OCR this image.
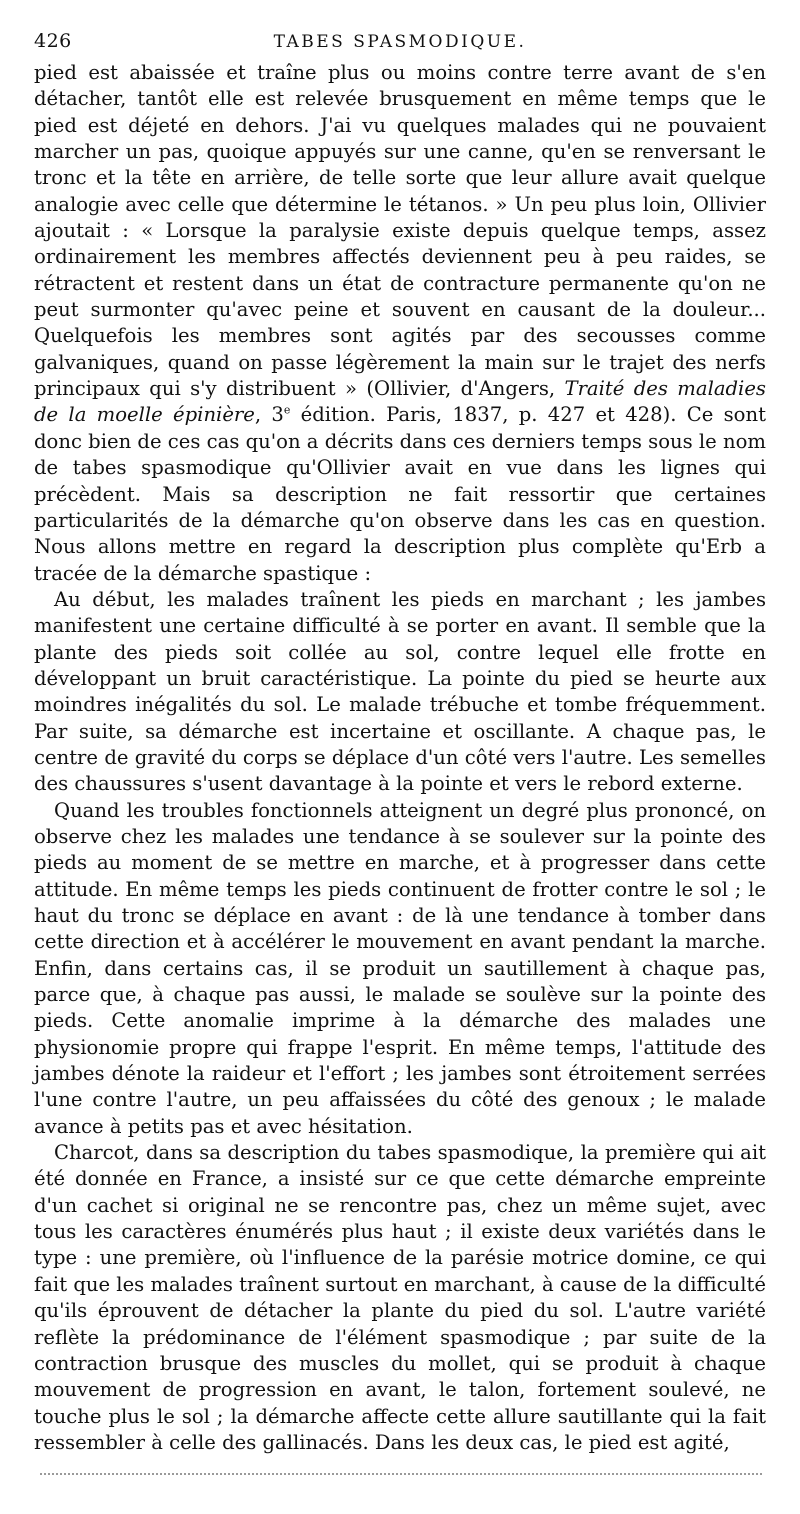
426	TABES SPASMODIQUE.

pied est abaissée et traîne plus ou moins contre terre avant de s'en détacher, tantôt elle est relevée brusquement en même temps que le pied est déjeté en dehors. J'ai vu quelques malades qui ne pouvaient marcher un pas, quoique appuyés sur une canne, qu'en se renversant le tronc et la tête en arrière, de telle sorte que leur allure avait quelque analogie avec celle que détermine le tétanos. » Un peu plus loin, Ollivier ajoutait : « Lorsque la paralysie existe depuis quelque temps, assez ordinairement les membres affectés deviennent peu à peu raides, se rétractent et restent dans un état de contracture permanente qu'on ne peut surmonter qu'avec peine et souvent en causant de la douleur... Quelquefois les membres sont agités par des secousses comme galvaniques, quand on passe légèrement la main sur le trajet des nerfs principaux qui s'y distribuent » (Ollivier, d'Angers, Traité des maladies de la moelle épinière, 3e édition. Paris, 1837, p. 427 et 428). Ce sont donc bien de ces cas qu'on a décrits dans ces derniers temps sous le nom de tabes spasmodique qu'Ollivier avait en vue dans les lignes qui précèdent. Mais sa description ne fait ressortir que certaines particularités de la démarche qu'on observe dans les cas en question. Nous allons mettre en regard la description plus complète qu'Erb a tracée de la démarche spastique :

Au début, les malades traînent les pieds en marchant ; les jambes manifestent une certaine difficulté à se porter en avant. Il semble que la plante des pieds soit collée au sol, contre lequel elle frotte en développant un bruit caractéristique. La pointe du pied se heurte aux moindres inégalités du sol. Le malade trébuche et tombe fréquemment. Par suite, sa démarche est incertaine et oscillante. A chaque pas, le centre de gravité du corps se déplace d'un côté vers l'autre. Les semelles des chaussures s'usent davantage à la pointe et vers le rebord externe.

Quand les troubles fonctionnels atteignent un degré plus prononcé, on observe chez les malades une tendance à se soulever sur la pointe des pieds au moment de se mettre en marche, et à progresser dans cette attitude. En même temps les pieds continuent de frotter contre le sol ; le haut du tronc se déplace en avant : de là une tendance à tomber dans cette direction et à accélérer le mouvement en avant pendant la marche. Enfin, dans certains cas, il se produit un sautillement à chaque pas, parce que, à chaque pas aussi, le malade se soulève sur la pointe des pieds. Cette anomalie imprime à la démarche des malades une physionomie propre qui frappe l'esprit. En même temps, l'attitude des jambes dénote la raideur et l'effort ; les jambes sont étroitement serrées l'une contre l'autre, un peu affaissées du côté des genoux ; le malade avance à petits pas et avec hésitation.

Charcot, dans sa description du tabes spasmodique, la première qui ait été donnée en France, a insisté sur ce que cette démarche empreinte d'un cachet si original ne se rencontre pas, chez un même sujet, avec tous les caractères énumérés plus haut ; il existe deux variétés dans le type : une première, où l'influence de la parésie motrice domine, ce qui fait que les malades traînent surtout en marchant, à cause de la difficulté qu'ils éprouvent de détacher la plante du pied du sol. L'autre variété reflète la prédominance de l'élément spasmodique ; par suite de la contraction brusque des muscles du mollet, qui se produit à chaque mouvement de progression en avant, le talon, fortement soulevé, ne touche plus le sol ; la démarche affecte cette allure sautillante qui la fait ressembler à celle des gallinacés. Dans les deux cas, le pied est agité,
